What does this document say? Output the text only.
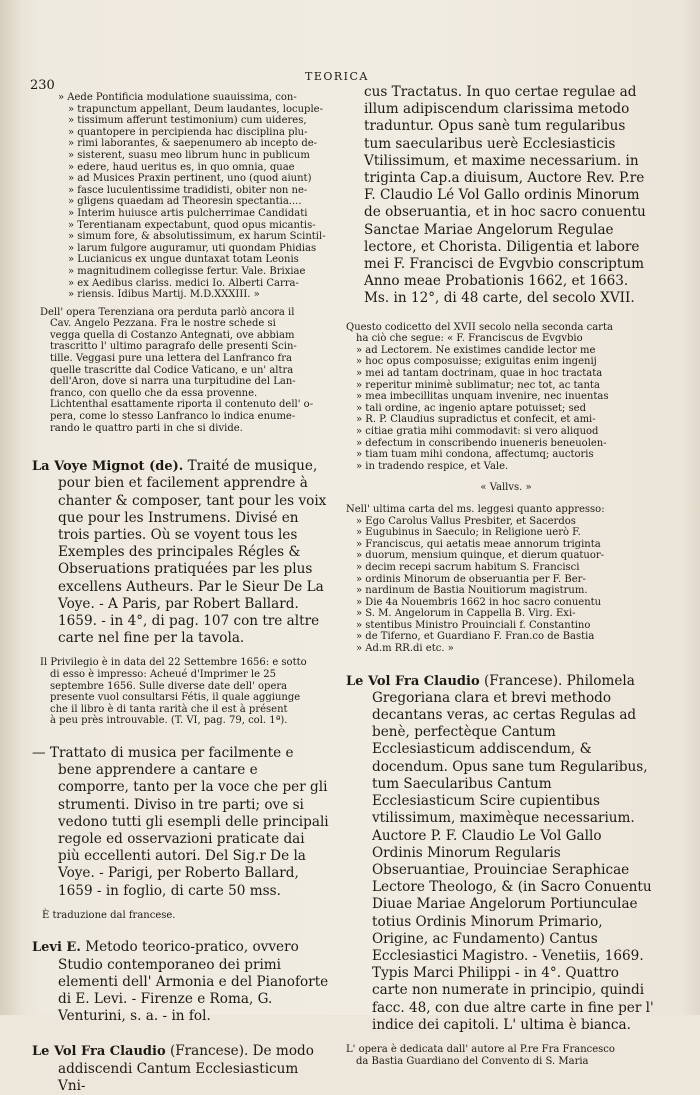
230
TEORICA

» Aede Pontificia modulatione suauissima, con-
» trapunctum appellant, Deum laudantes, locuple-
» tissimum afferunt testimonium) cum uideres,
» quantopere in percipienda hac disciplina plu-
» rimi laborantes, & saepenumero ab incepto de-
» sisterent, suasu meo librum hunc in publicum
» edere, haud ueritus es, in quo omnia, quae
» ad Musices Praxin pertinent, uno (quod aiunt)
» fasce luculentissime tradidisti, obiter non ne-
» gligens quaedam ad Theoresin spectantia....
» Interim huiusce artis pulcherrimae Candidati
» Terentianam expectabunt, quod opus micantis-
» simum fore, & absolutissimum, ex harum Scintil-
» larum fulgore auguramur, uti quondam Phidias
» Lucianicus ex ungue duntaxat totam Leonis
» magnitudinem collegisse fertur. Vale. Brixiae
» ex Aedibus clariss. medici Io. Alberti Carra-
» riensis. Idibus Martij. M.D.XXXIII. »

Dell' opera Terenziana ora perduta parlò ancora il
Cav. Angelo Pezzana. Fra le nostre schede si
vegga quella di Costanzo Antegnati, ove abbiam
trascritto l' ultimo paragrafo delle presenti Scin-
tille. Veggasi pure una lettera del Lanfranco fra
quelle trascritte dal Codice Vaticano, e un' altra
dell'Aron, dove si narra una turpitudine del Lan-
franco, con quello che da essa provenne.
Lichtenthal esattamente riporta il contenuto dell' o-
pera, come lo stesso Lanfranco lo indica enume-
rando le quattro parti in che si divide.

La Voye Mignot (de). Traité de musique, pour bien et facilement apprendre à chanter & composer, tant pour les voix que pour les Instrumens. Divisé en trois parties. Où se voyent tous les Exemples des principales Régles & Obseruations pratiquées par les plus excellens Autheurs. Par le Sieur De La Voye. - A Paris, par Robert Ballard. 1659. - in 4°, di pag. 107 con tre altre carte nel fine per la tavola.

Il Privilegio è in data del 22 Settembre 1656: e sotto
di esso è impresso: Acheué d'Imprimer le 25
septembre 1656. Sulle diverse date dell' opera
presente vuol consultarsi Fétis, il quale aggiunge
che il libro è di tanta rarità che il est à présent
à peu près introuvable. (T. VI, pag. 79, col. 1ª).

— Trattato di musica per facilmente e bene apprendere a cantare e comporre, tanto per la voce che per gli strumenti. Diviso in tre parti; ove si vedono tutti gli esempli delle principali regole ed osservazioni praticate dai più eccellenti autori. Del Sig.r De la Voye. - Parigi, per Roberto Ballard, 1659 - in foglio, di carte 50 mss.

È traduzione dal francese.

Levi E. Metodo teorico-pratico, ovvero Studio contemporaneo dei primi elementi dell' Armonia e del Pianoforte di E. Levi. - Firenze e Roma, G. Venturini, s. a. - in fol.

Le Vol Fra Claudio (Francese). De modo addiscendi Cantum Ecclesiasticum Vni-

cus Tractatus. In quo certae regulae ad illum adipiscendum clarissima metodo traduntur. Opus sanè tum regularibus tum saecularibus uerè Ecclesiasticis Vtilissimum, et maxime necessarium. in triginta Cap.a diuisum, Auctore Rev. P.re F. Claudio Lé Vol Gallo ordinis Minorum de obseruantia, et in hoc sacro conuentu Sanctae Mariae Angelorum Regulae lectore, et Chorista. Diligentia et labore mei F. Francisci de Evgvbio conscriptum Anno meae Probationis 1662, et 1663. Ms. in 12°, di 48 carte, del secolo XVII.

Questo codicetto del XVII secolo nella seconda carta
ha ciò che segue: « F. Franciscus de Evgvbio
» ad Lectorem. Ne existimes candide lector me
» hoc opus composuisse; exiguitas enim ingenij
» mei ad tantam doctrinam, quae in hoc tractata
» reperitur minimè sublimatur; nec tot, ac tanta
» mea imbecillitas unquam invenire, nec inuentas
» tali ordine, ac ingenio aptare potuisset; sed
» R. P. Claudius supradictus et confecit, et ami-
» citiae gratia mihi commodavit: si vero aliquod
» defectum in conscribendo inueneris beneuolen-
» tiam tuam mihi condona, affectumq; auctoris
» in tradendo respice, et Vale.

« Vallvs. »

Nell' ultima carta del ms. leggesi quanto appresso:
» Ego Carolus Vallus Presbiter, et Sacerdos
» Eugubinus in Saeculo; in Religione uerò F.
» Franciscus, qui aetatis meae annorum triginta
» duorum, mensium quinque, et dierum quatuor-
» decim recepi sacrum habitum S. Francisci
» ordinis Minorum de obseruantia per F. Ber-
» nardinum de Bastia Nouitiorum magistrum.
» Die 4a Nouembris 1662 in hoc sacro conuentu
» S. M. Angelorum in Cappella B. Virg. Exi-
» stentibus Ministro Prouinciali f. Constantino
» de Tiferno, et Guardiano F. Fran.co de Bastia
» Ad.m RR.di etc. »

Le Vol Fra Claudio (Francese). Philomela Gregoriana clara et brevi methodo decantans veras, ac certas Regulas ad benè, perfectèque Cantum Ecclesiasticum addiscendum, & docendum. Opus sane tum Regularibus, tum Saecularibus Cantum Ecclesiasticum Scire cupientibus vtilissimum, maximèque necessarium. Auctore P. F. Claudio Le Vol Gallo Ordinis Minorum Regularis Obseruantiae, Prouinciae Seraphicae Lectore Theologo, & (in Sacro Conuentu Diuae Mariae Angelorum Portiunculae totius Ordinis Minorum Primario, Origine, ac Fundamento) Cantus Ecclesiastici Magistro. - Venetiis, 1669. Typis Marci Philippi - in 4°. Quattro carte non numerate in principio, quindi facc. 48, con due altre carte in fine per l' indice dei capitoli. L' ultima è bianca.

L' opera è dedicata dall' autore al P.re Fra Francesco
da Bastia Guardiano del Convento di S. Maria
